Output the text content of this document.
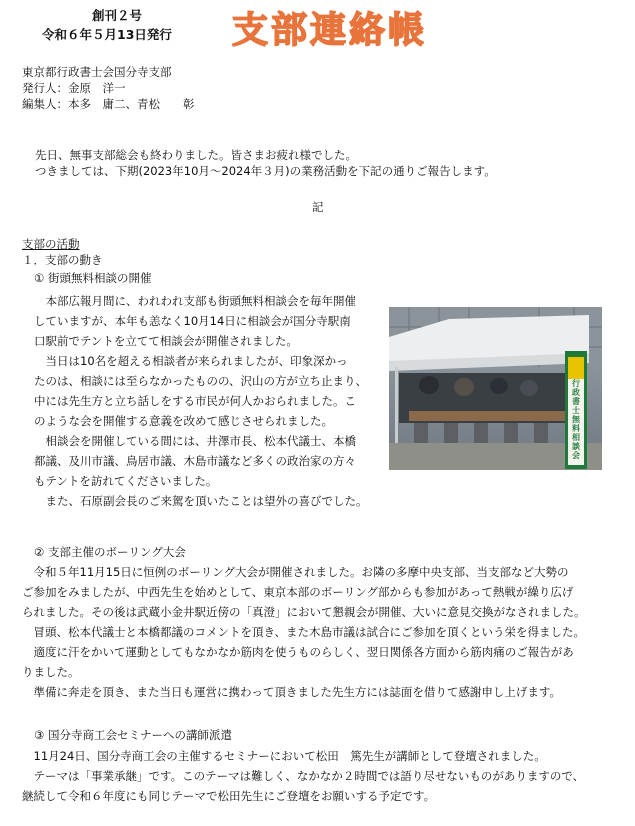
創刊２号
令和６年５月13日発行 支部連絡帳
東京都行政書士会国分寺支部
発行人：金原　洋一
編集人：本多　庸二、青松　　彰
先日、無事支部総会も終わりました。皆さまお疲れ様でした。
つきましては、下期(2023年10月～2024年３月)の業務活動を下記の通りご報告します。
記
支部の活動
１．支部の動き
① 街頭無料相談の開催
　本部広報月間に、われわれ支部も街頭無料相談会を毎年開催
していますが、本年も恙なく10月14日に相談会が国分寺駅南
口駅前でテントを立てて相談会が開催されました。
　当日は10名を超える相談者が来られましたが、印象深かっ
たのは、相談には至らなかったものの、沢山の方が立ち止まり、
中には先生方と立ち話しをする市民が何人かおられました。こ
のような会を開催する意義を改めて感じさせられました。
　相談会を開催している間には、井澤市長、松本代議士、本橋
都議、及川市議、鳥居市議、木島市議など多くの政治家の方々
もテントを訪れてくださいました。
　また、石原副会長のご来駕を頂いたことは望外の喜びでした。
行政書士無料相談会
② 支部主催のボーリング大会
　令和５年11月15日に恒例のボーリング大会が開催されました。お隣の多摩中央支部、当支部など大勢の
ご参加をみましたが、中西先生を始めとして、東京本部のボーリング部からも参加があって熱戦が繰り広げ
られました。その後は武蔵小金井駅近傍の「真澄」において懇親会が開催、大いに意見交換がなされました。
　冒頭、松本代議士と本橋都議のコメントを頂き、また木島市議は試合にご参加を頂くという栄を得ました。
　適度に汗をかいて運動としてもなかなか筋肉を使うものらしく、翌日関係各方面から筋肉痛のご報告があ
りました。
　準備に奔走を頂き、また当日も運営に携わって頂きました先生方には誌面を借りて感謝申し上げます。
③ 国分寺商工会セミナーへの講師派遣
　11月24日、国分寺商工会の主催するセミナーにおいて松田　篤先生が講師として登壇されました。
　テーマは「事業承継」です。このテーマは難しく、なかなか２時間では語り尽せないものがありますので、
継続して令和６年度にも同じテーマで松田先生にご登壇をお願いする予定です。
